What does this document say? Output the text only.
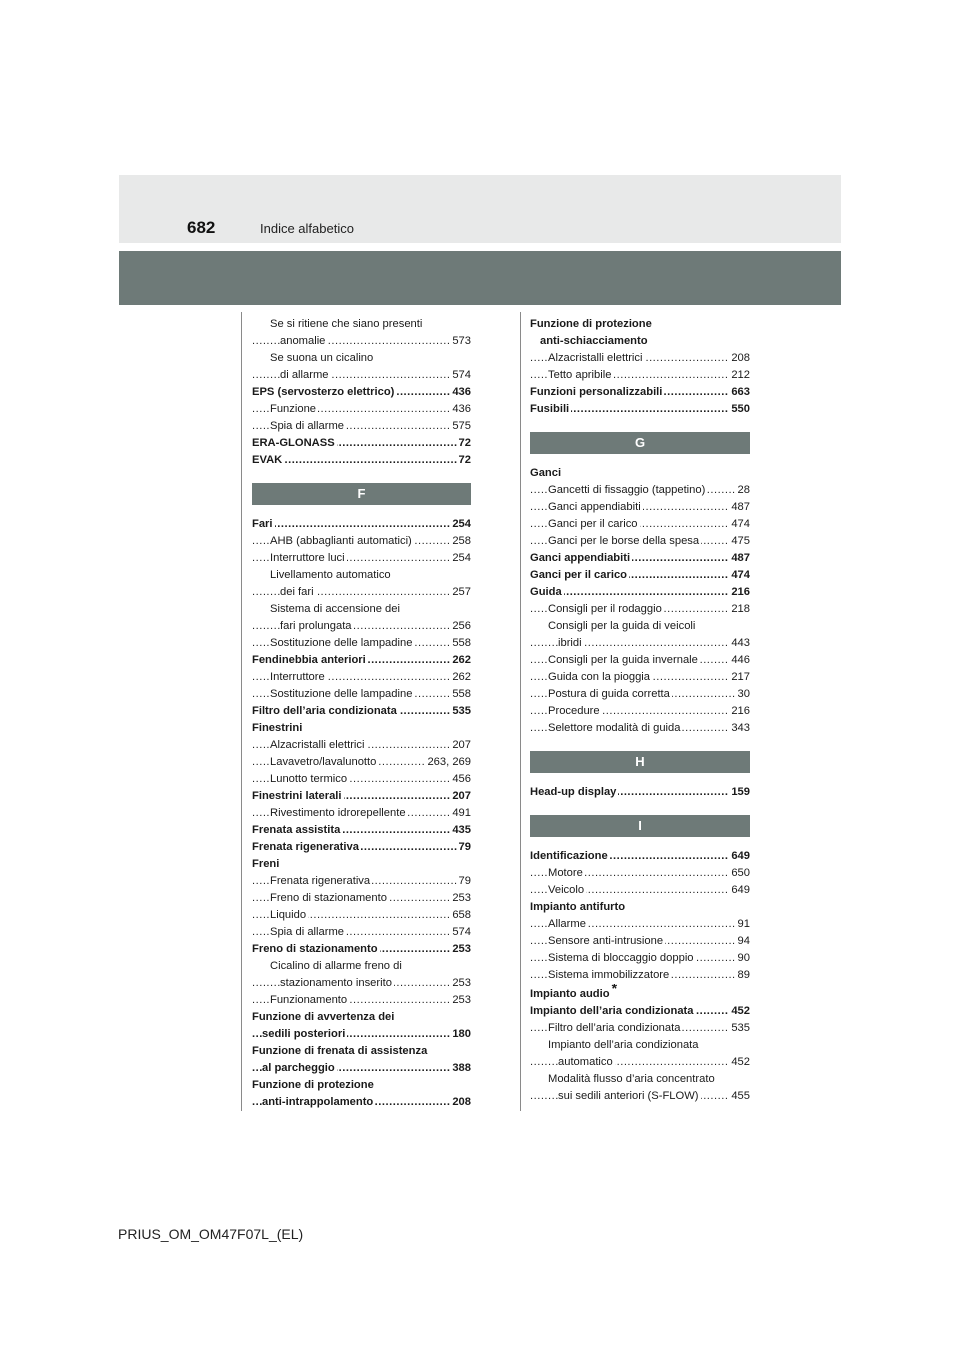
682	Indice alfabetico
Se si ritiene che siano presenti
..... anomalie	573
Se suona un cicalino
..... di allarme	574
..... EPS (servosterzo elettrico)	436
..... Funzione	436
..... Spia di allarme	575
..... ERA-GLONASS	72
..... EVAK	72
F
..... Fari	254
..... AHB (abbaglianti automatici)	258
..... Interruttore luci	254
Livellamento automatico
..... dei fari	257
Sistema di accensione dei
..... fari prolungata	256
..... Sostituzione delle lampadine	558
..... Fendinebbia anteriori	262
..... Interruttore	262
..... Sostituzione delle lampadine	558
..... Filtro dell’aria condizionata	535
Finestrini
..... Alzacristalli elettrici	207
..... Lavavetro/lavalunotto	263, 269
..... Lunotto termico	456
..... Finestrini laterali	207
..... Rivestimento idrorepellente	491
..... Frenata assistita	435
..... Frenata rigenerativa	79
Freni
..... Frenata rigenerativa	79
..... Freno di stazionamento	253
..... Liquido	658
..... Spia di allarme	574
..... Freno di stazionamento	253
Cicalino di allarme freno di
..... stazionamento inserito	253
..... Funzionamento	253
Funzione di avvertenza dei
..... sedili posteriori	180
Funzione di frenata di assistenza
..... al parcheggio	388
Funzione di protezione
..... anti-intrappolamento	208
Funzione di protezione
anti-schiacciamento
..... Alzacristalli elettrici	208
..... Tetto apribile	212
..... Funzioni personalizzabili	663
..... Fusibili	550
G
Ganci
..... Gancetti di fissaggio (tappetino)	28
..... Ganci appendiabiti	487
..... Ganci per il carico	474
..... Ganci per le borse della spesa	475
..... Ganci appendiabiti	487
..... Ganci per il carico	474
..... Guida	216
..... Consigli per il rodaggio	218
Consigli per la guida di veicoli
..... ibridi	443
..... Consigli per la guida invernale	446
..... Guida con la pioggia	217
..... Postura di guida corretta	30
..... Procedure	216
..... Selettore modalità di guida	343
H
..... Head-up display	159
I
..... Identificazione	649
..... Motore	650
..... Veicolo	649
Impianto antifurto
..... Allarme	91
..... Sensore anti-intrusione	94
..... Sistema di bloccaggio doppio	90
..... Sistema immobilizzatore	89
Impianto audio *
..... Impianto dell’aria condizionata	452
..... Filtro dell’aria condizionata	535
Impianto dell’aria condizionata
..... automatico	452
Modalità flusso d’aria concentrato
..... sui sedili anteriori (S-FLOW)	455
PRIUS_OM_OM47F07L_(EL)
